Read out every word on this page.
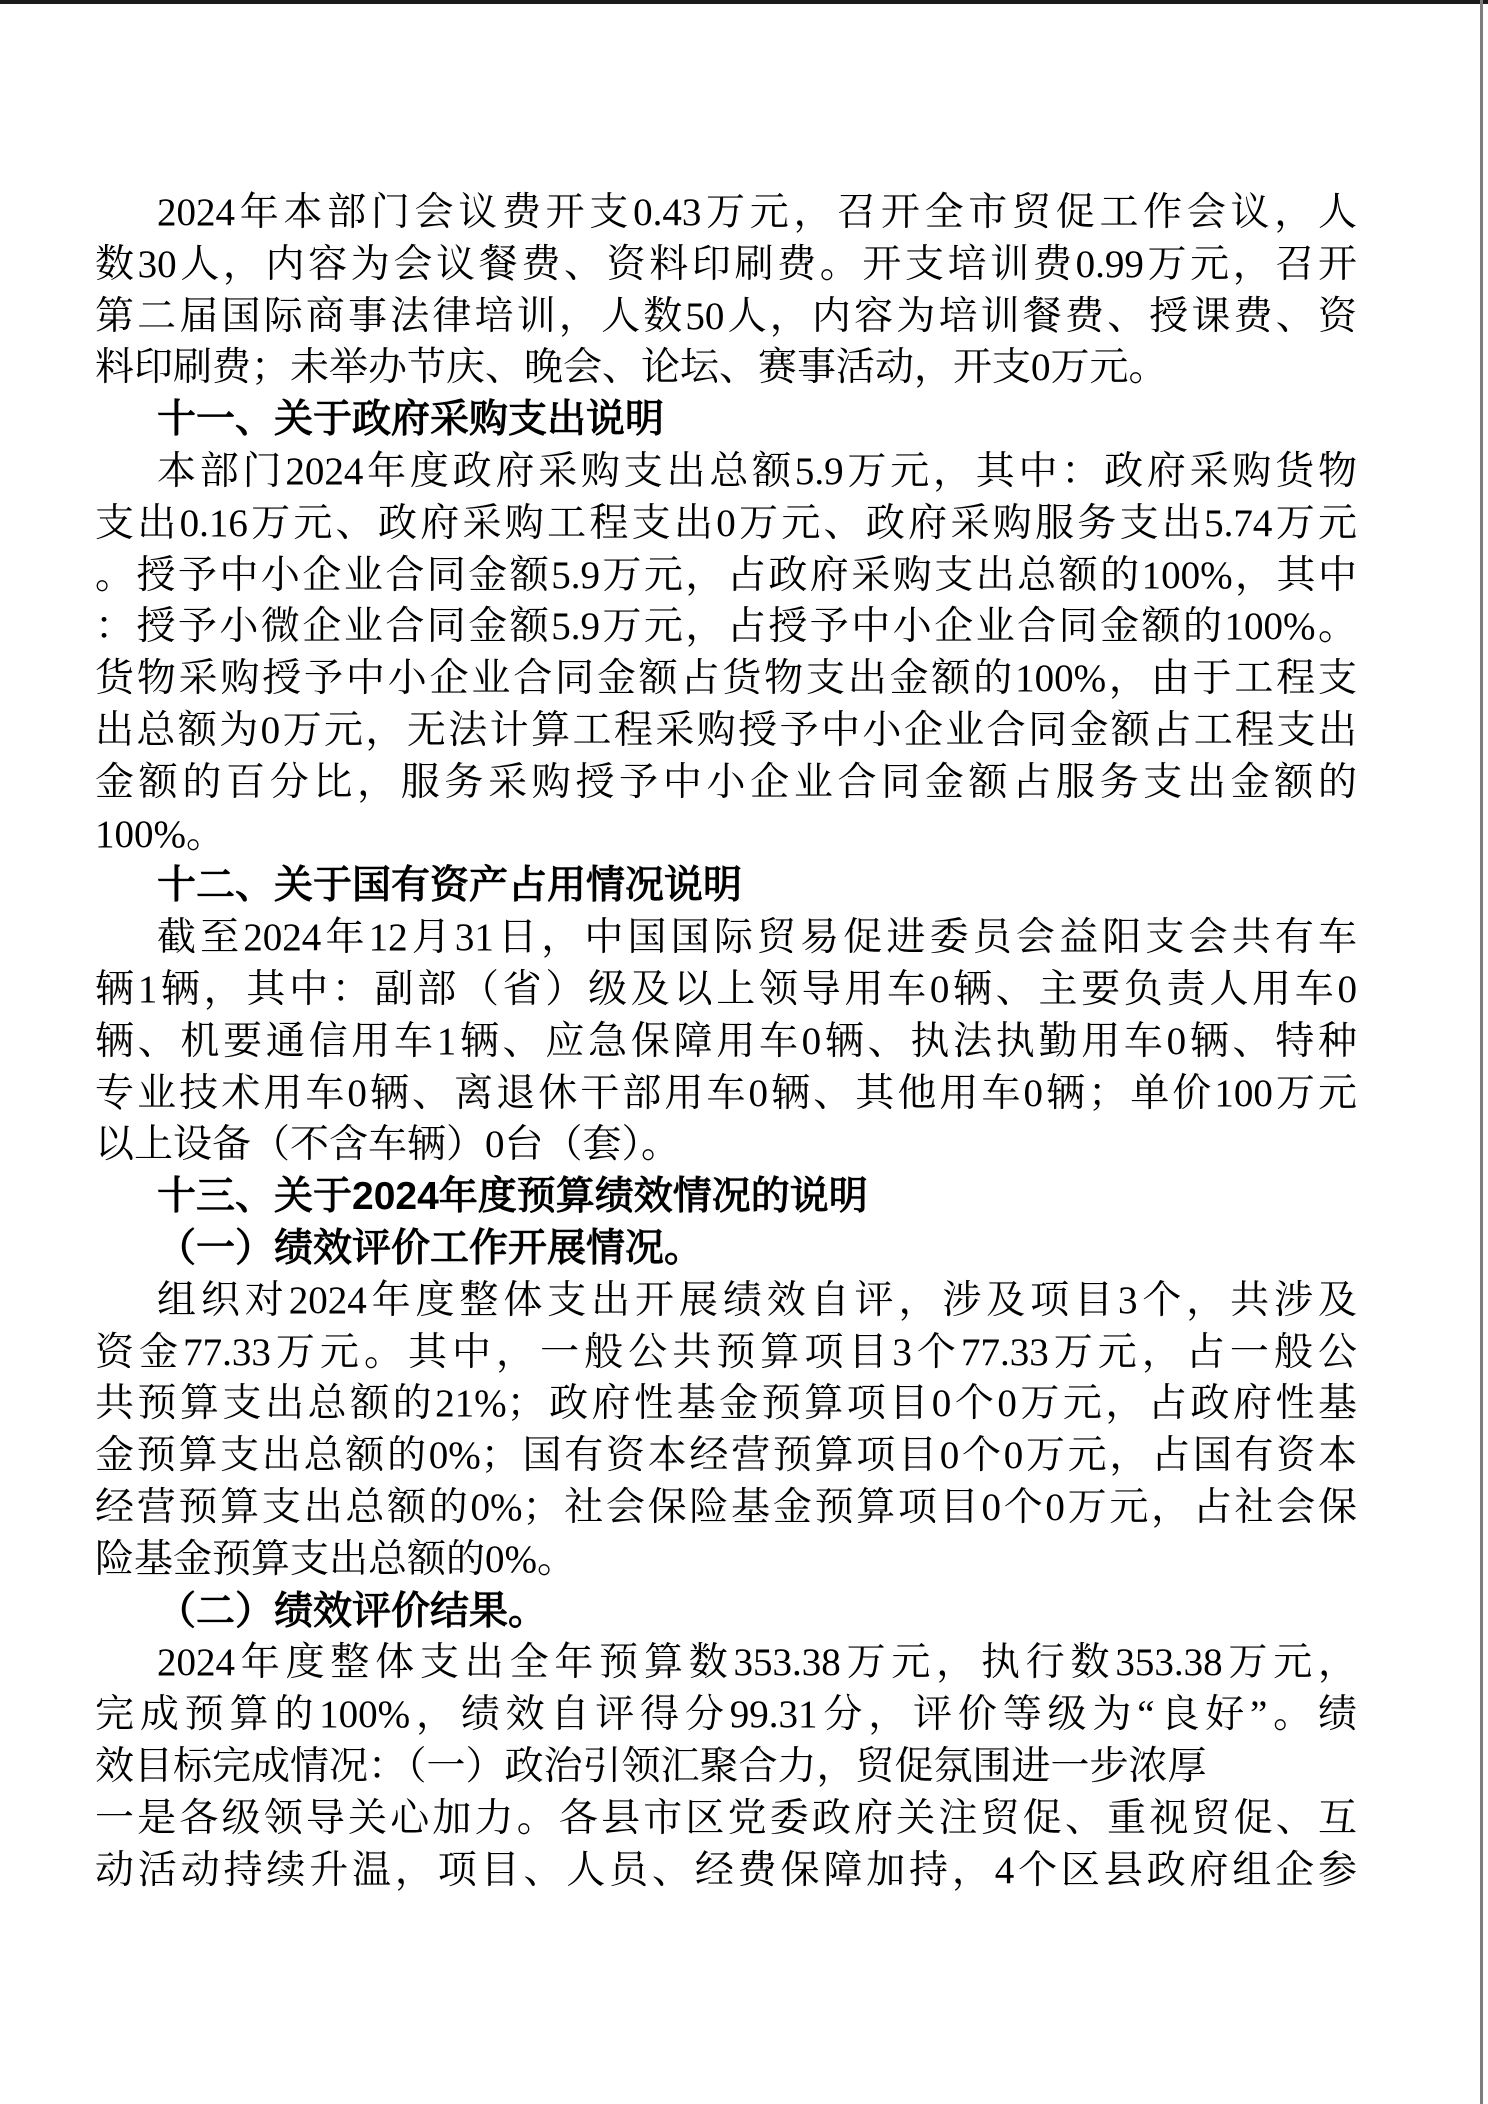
2024年本部门会议费开支0.43万元，召开全市贸促工作会议，人
数30人，内容为会议餐费、资料印刷费。开支培训费0.99万元，召开
第二届国际商事法律培训，人数50人，内容为培训餐费、授课费、资
料印刷费；未举办节庆、晚会、论坛、赛事活动，开支0万元。
十一、关于政府采购支出说明
本部门2024年度政府采购支出总额5.9万元，其中：政府采购货物
支出0.16万元、政府采购工程支出0万元、政府采购服务支出5.74万元
。授予中小企业合同金额5.9万元，占政府采购支出总额的100%，其中
：授予小微企业合同金额5.9万元，占授予中小企业合同金额的100%。
货物采购授予中小企业合同金额占货物支出金额的100%，由于工程支
出总额为0万元，无法计算工程采购授予中小企业合同金额占工程支出
金额的百分比，服务采购授予中小企业合同金额占服务支出金额的
100%。
十二、关于国有资产占用情况说明
截至2024年12月31日，中国国际贸易促进委员会益阳支会共有车
辆1辆，其中：副部（省）级及以上领导用车0辆、主要负责人用车0
辆、机要通信用车1辆、应急保障用车0辆、执法执勤用车0辆、特种
专业技术用车0辆、离退休干部用车0辆、其他用车0辆；单价100万元
以上设备（不含车辆）0台（套）。
十三、关于2024年度预算绩效情况的说明
（一）绩效评价工作开展情况。
组织对2024年度整体支出开展绩效自评，涉及项目3个，共涉及
资金77.33万元。其中，一般公共预算项目3个77.33万元，占一般公
共预算支出总额的21%；政府性基金预算项目0个0万元，占政府性基
金预算支出总额的0%；国有资本经营预算项目0个0万元，占国有资本
经营预算支出总额的0%；社会保险基金预算项目0个0万元，占社会保
险基金预算支出总额的0%。
（二）绩效评价结果。
2024年度整体支出全年预算数353.38万元，执行数353.38万元，
完成预算的100%，绩效自评得分99.31分，评价等级为“良好”。绩
效目标完成情况：（一）政治引领汇聚合力，贸促氛围进一步浓厚
一是各级领导关心加力。各县市区党委政府关注贸促、重视贸促、互
动活动持续升温，项目、人员、经费保障加持，4个区县政府组企参
